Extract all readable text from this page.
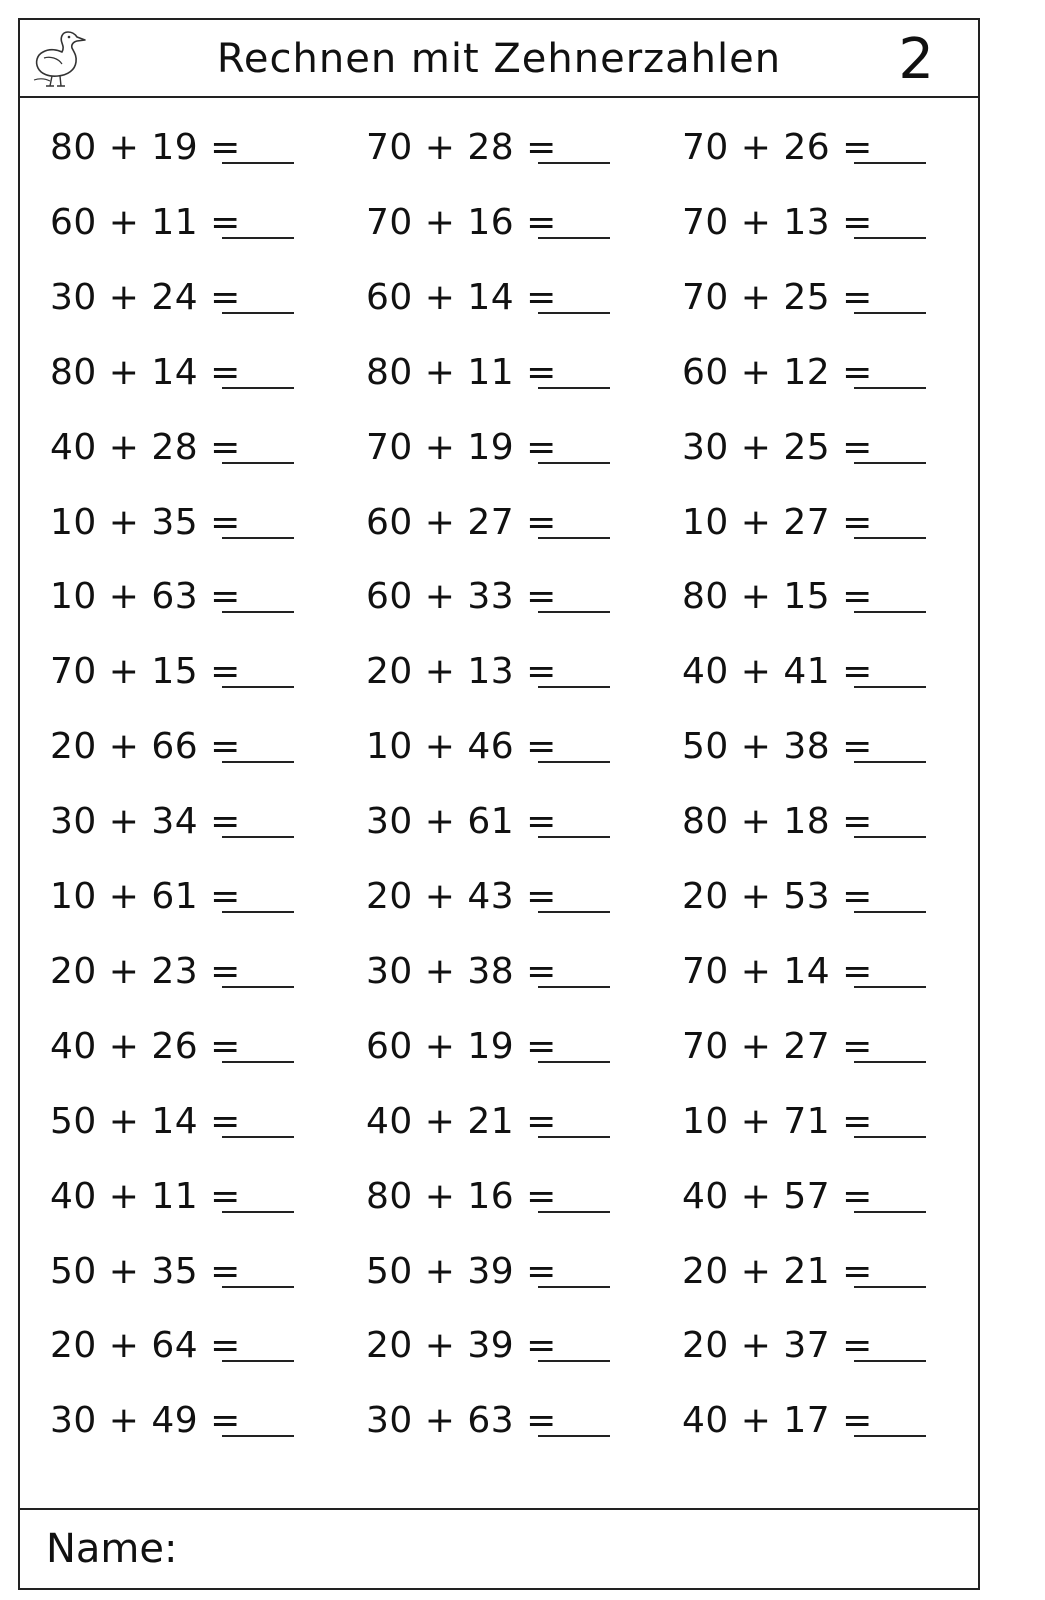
Rechnen mit Zehnerzahlen	2
80 + 19 =
60 + 11 =
30 + 24 =
80 + 14 =
40 + 28 =
10 + 35 =
10 + 63 =
70 + 15 =
20 + 66 =
30 + 34 =
10 + 61 =
20 + 23 =
40 + 26 =
50 + 14 =
40 + 11 =
50 + 35 =
20 + 64 =
30 + 49 =
70 + 28 =
70 + 16 =
60 + 14 =
80 + 11 =
70 + 19 =
60 + 27 =
60 + 33 =
20 + 13 =
10 + 46 =
30 + 61 =
20 + 43 =
30 + 38 =
60 + 19 =
40 + 21 =
80 + 16 =
50 + 39 =
20 + 39 =
30 + 63 =
70 + 26 =
70 + 13 =
70 + 25 =
60 + 12 =
30 + 25 =
10 + 27 =
80 + 15 =
40 + 41 =
50 + 38 =
80 + 18 =
20 + 53 =
70 + 14 =
70 + 27 =
10 + 71 =
40 + 57 =
20 + 21 =
20 + 37 =
40 + 17 =
Name:
